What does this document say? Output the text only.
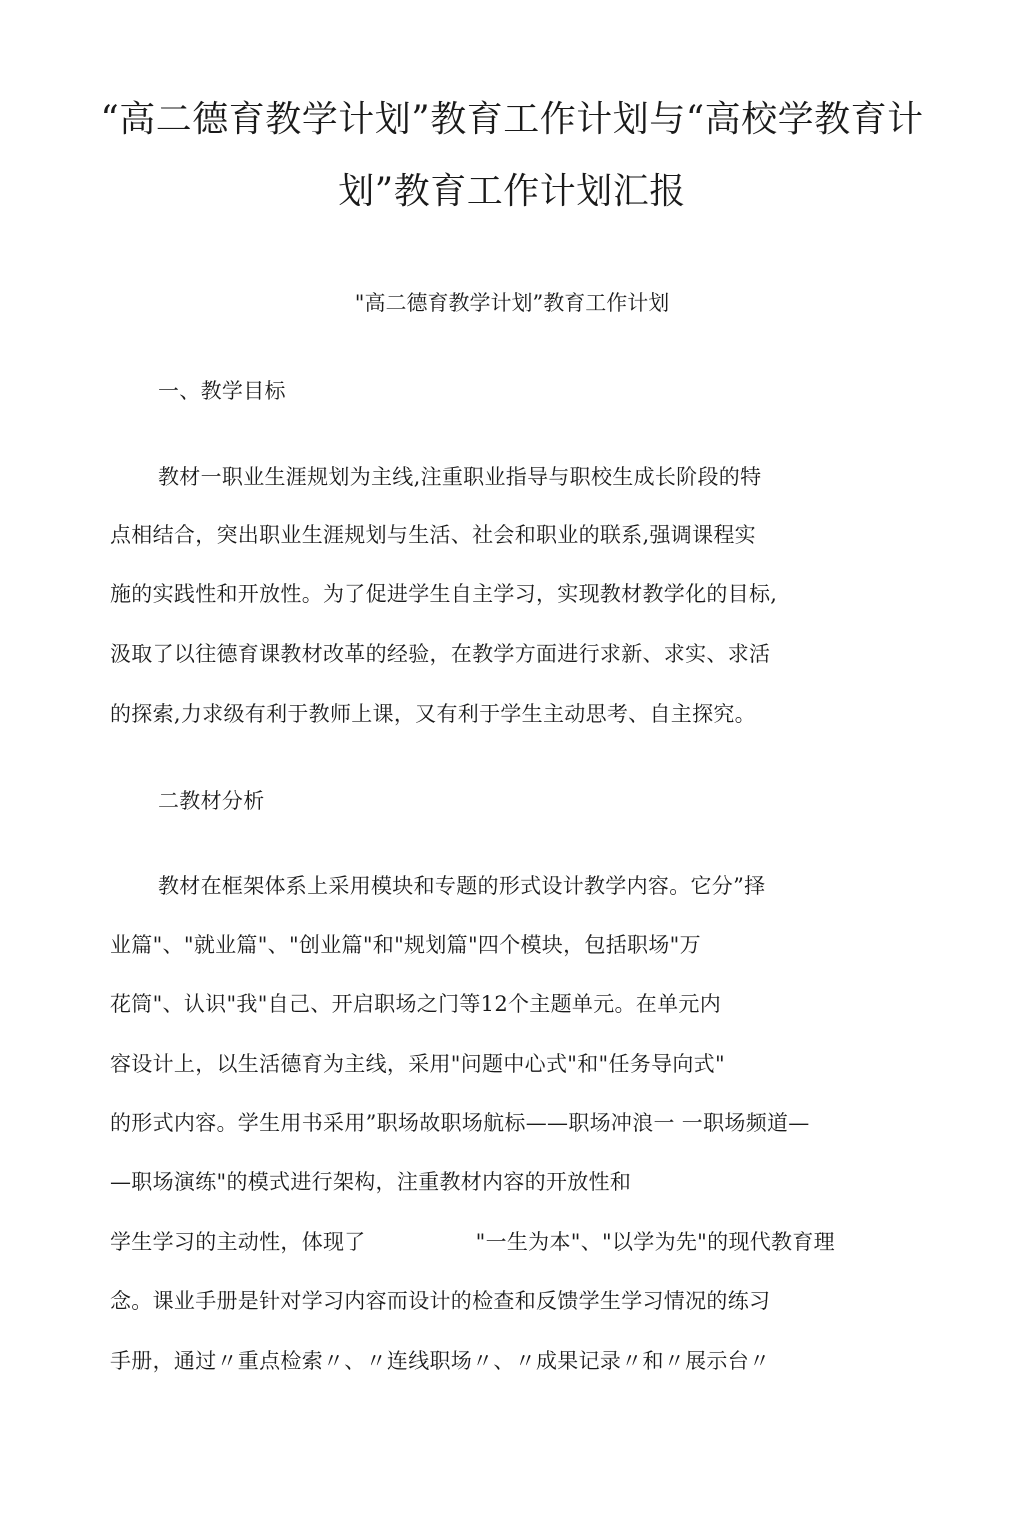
“高二德育教学计划”教育工作计划与“高校学教育计
划”教育工作计划汇报
"高二德育教学计划”教育工作计划
一、教学目标
教材一职业生涯规划为主线,注重职业指导与职校生成长阶段的特
点相结合，突出职业生涯规划与生活、社会和职业的联系,强调课程实
施的实践性和开放性。为了促进学生自主学习，实现教材教学化的目标,
汲取了以往德育课教材改革的经验，在教学方面进行求新、求实、求活
的探索,力求级有利于教师上课，又有利于学生主动思考、自主探究。
二教材分析
教材在框架体系上采用模块和专题的形式设计教学内容。它分”择
业篇"、"就业篇"、"创业篇"和"规划篇"四个模块，包括职场"万
花筒"、认识"我"自己、开启职场之门等12个主题单元。在单元内
容设计上，以生活德育为主线，采用"问题中心式"和"任务导向式"
的形式内容。学生用书采用”职场故职场航标——职场冲浪一 一职场频道—
—职场演练"的模式进行架构，注重教材内容的开放性和
学生学习的主动性，体现了	"一生为本"、"以学为先"的现代教育理
念。课业手册是针对学习内容而设计的检查和反馈学生学习情况的练习
手册，通过〃重点检索〃、〃连线职场〃、〃成果记录〃和〃展示台〃
